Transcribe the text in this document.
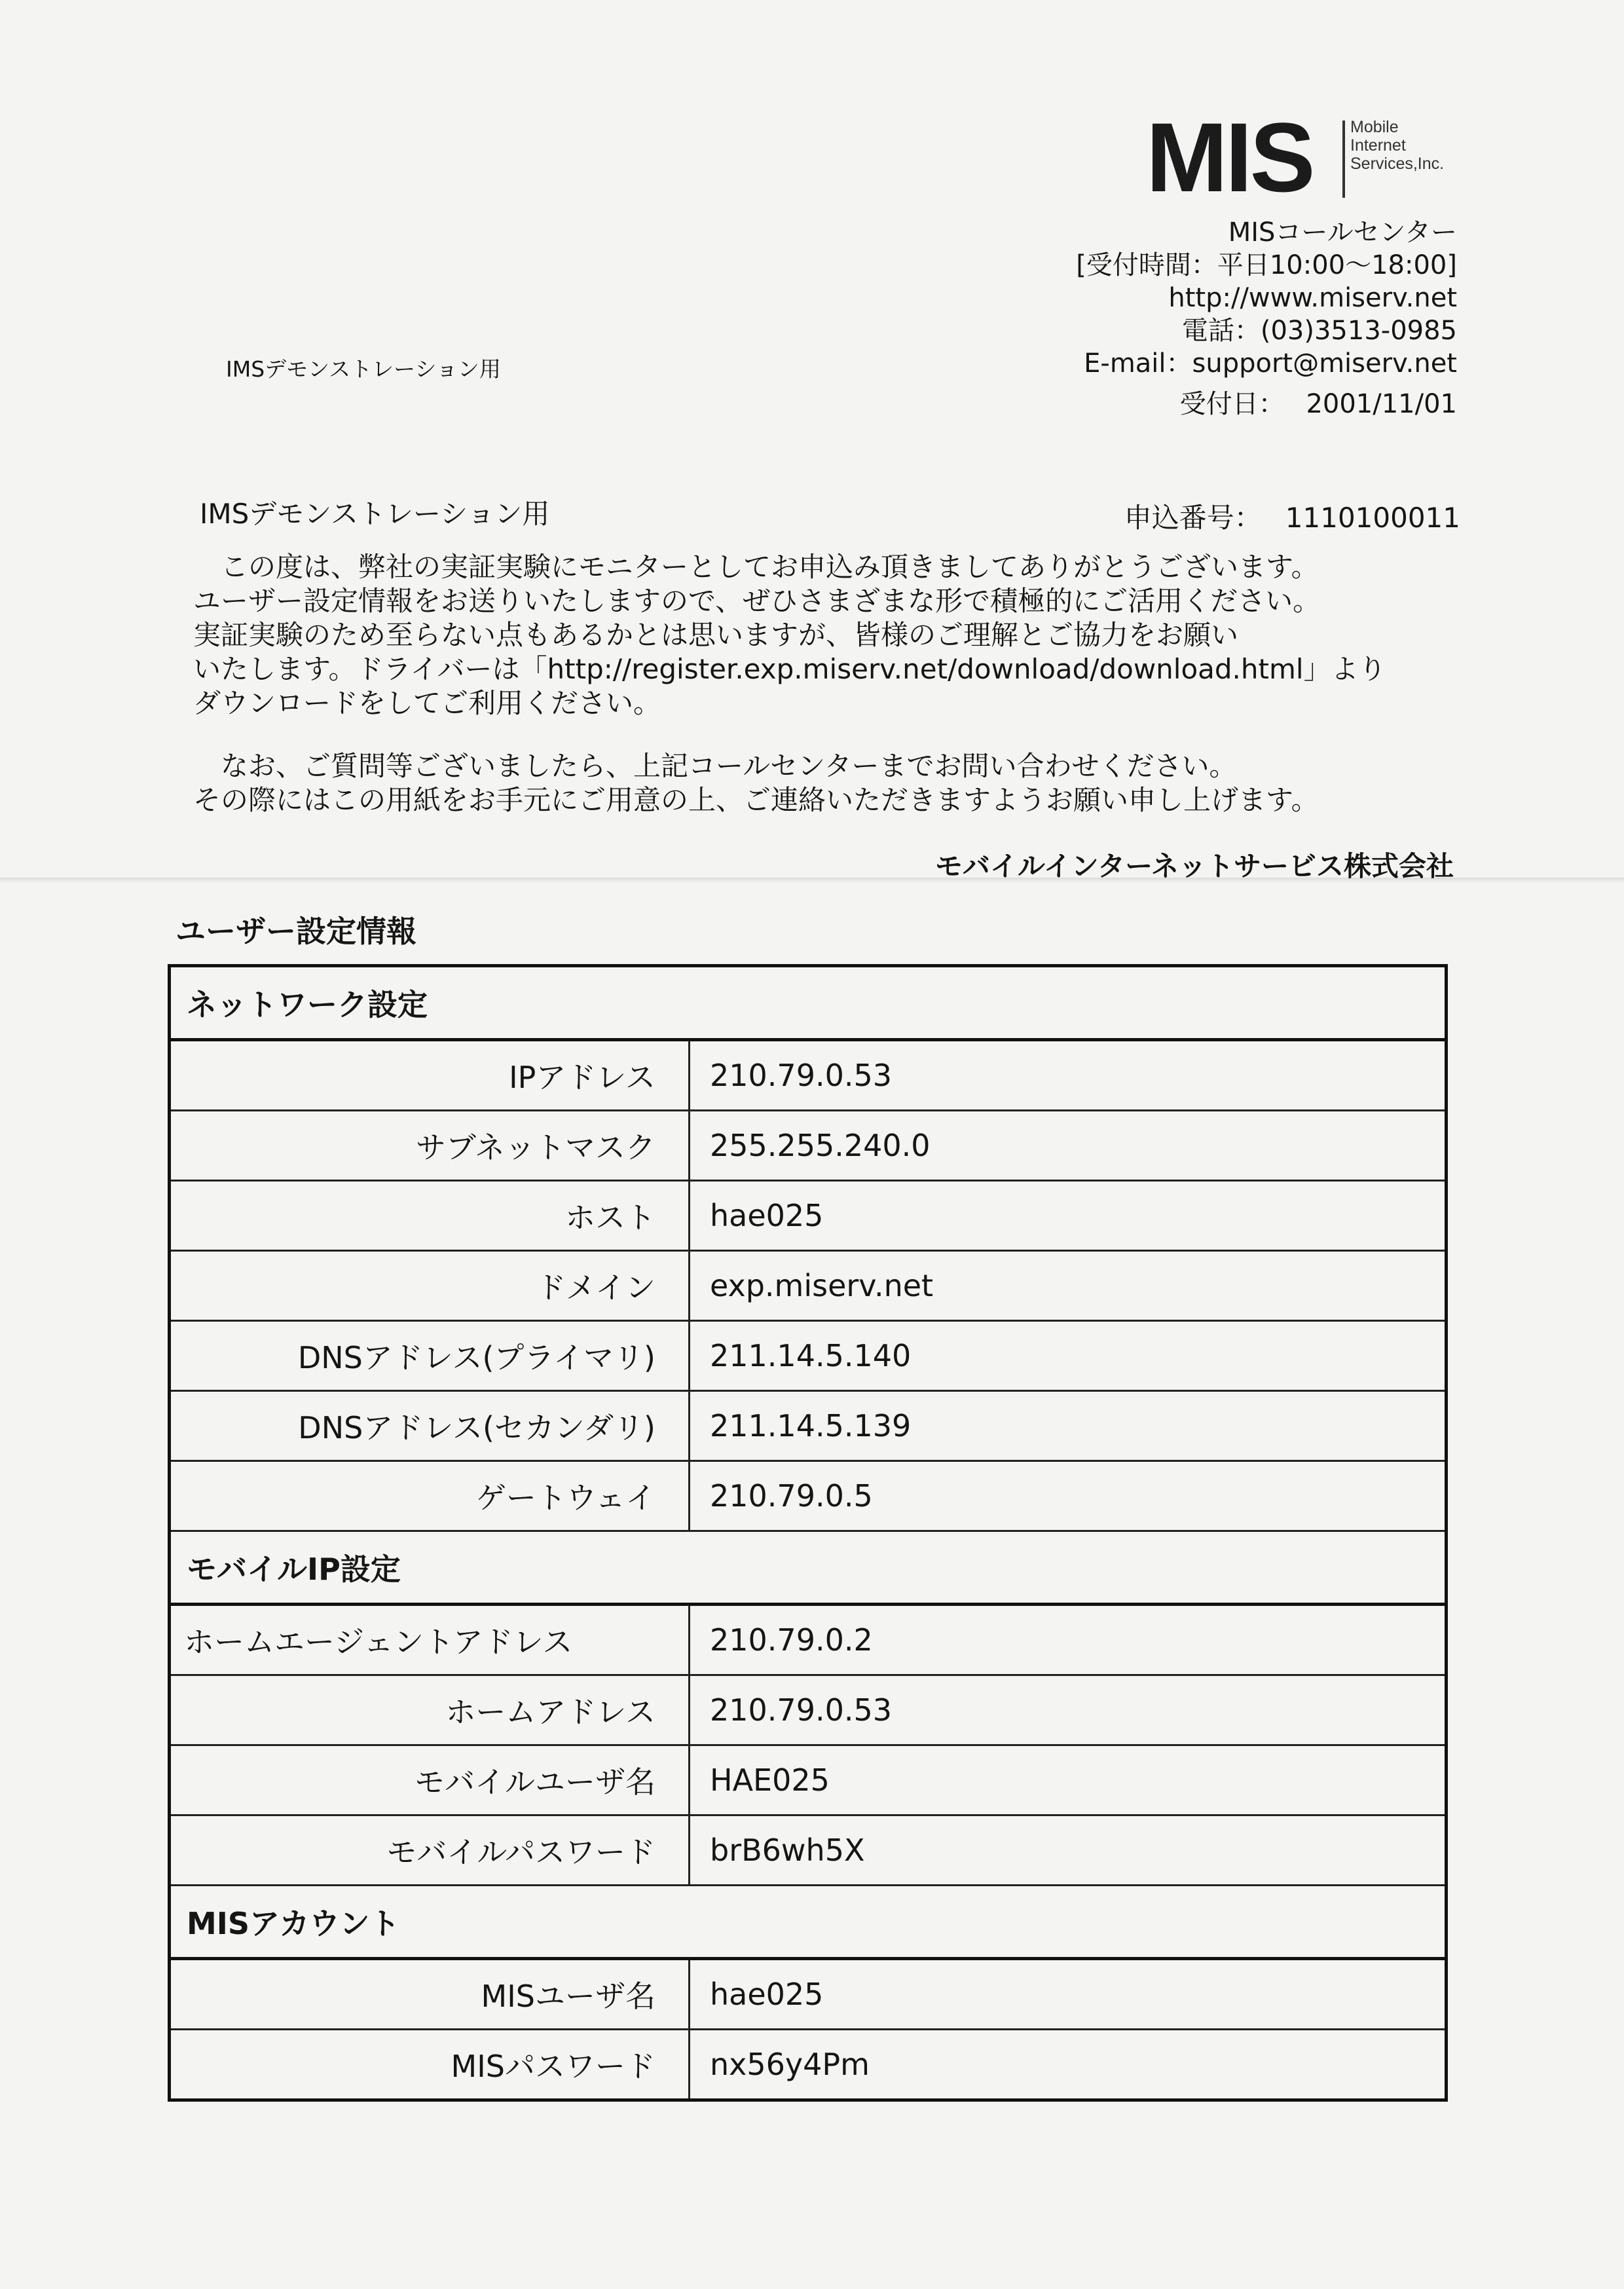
MIS Mobile
Internet
Services,Inc.
MISコールセンター
[受付時間：平日10:00～18:00]
http://www.miserv.net
電話：(03)3513-0985
E-mail：support@miserv.net
受付日： 2001/11/01
IMSデモンストレーション用
IMSデモンストレーション用	申込番号： 1110100011

　この度は、弊社の実証実験にモニターとしてお申込み頂きましてありがとうございます。

ユーザー設定情報をお送りいたしますので、ぜひさまざまな形で積極的にご活用ください。

実証実験のため至らない点もあるかとは思いますが、皆様のご理解とご協力をお願い

いたします。ドライバーは「http://register.exp.miserv.net/download/download.html」より

ダウンロードをしてご利用ください。

　なお、ご質問等ございましたら、上記コールセンターまでお問い合わせください。

その際にはこの用紙をお手元にご用意の上、ご連絡いただきますようお願い申し上げます。

モバイルインターネットサービス株式会社
ユーザー設定情報
ネットワーク設定	
IPアドレス	210.79.0.53
サブネットマスク	255.255.240.0
ホスト	hae025
ドメイン	exp.miserv.net
DNSアドレス(プライマリ)	211.14.5.140
DNSアドレス(セカンダリ)	211.14.5.139
ゲートウェイ	210.79.0.5
モバイルIP設定	
ホームエージェントアドレス	210.79.0.2
ホームアドレス	210.79.0.53
モバイルユーザ名	HAE025
モバイルパスワード	brB6wh5X
MISアカウント	
MISユーザ名	hae025
MISパスワード	nx56y4Pm
